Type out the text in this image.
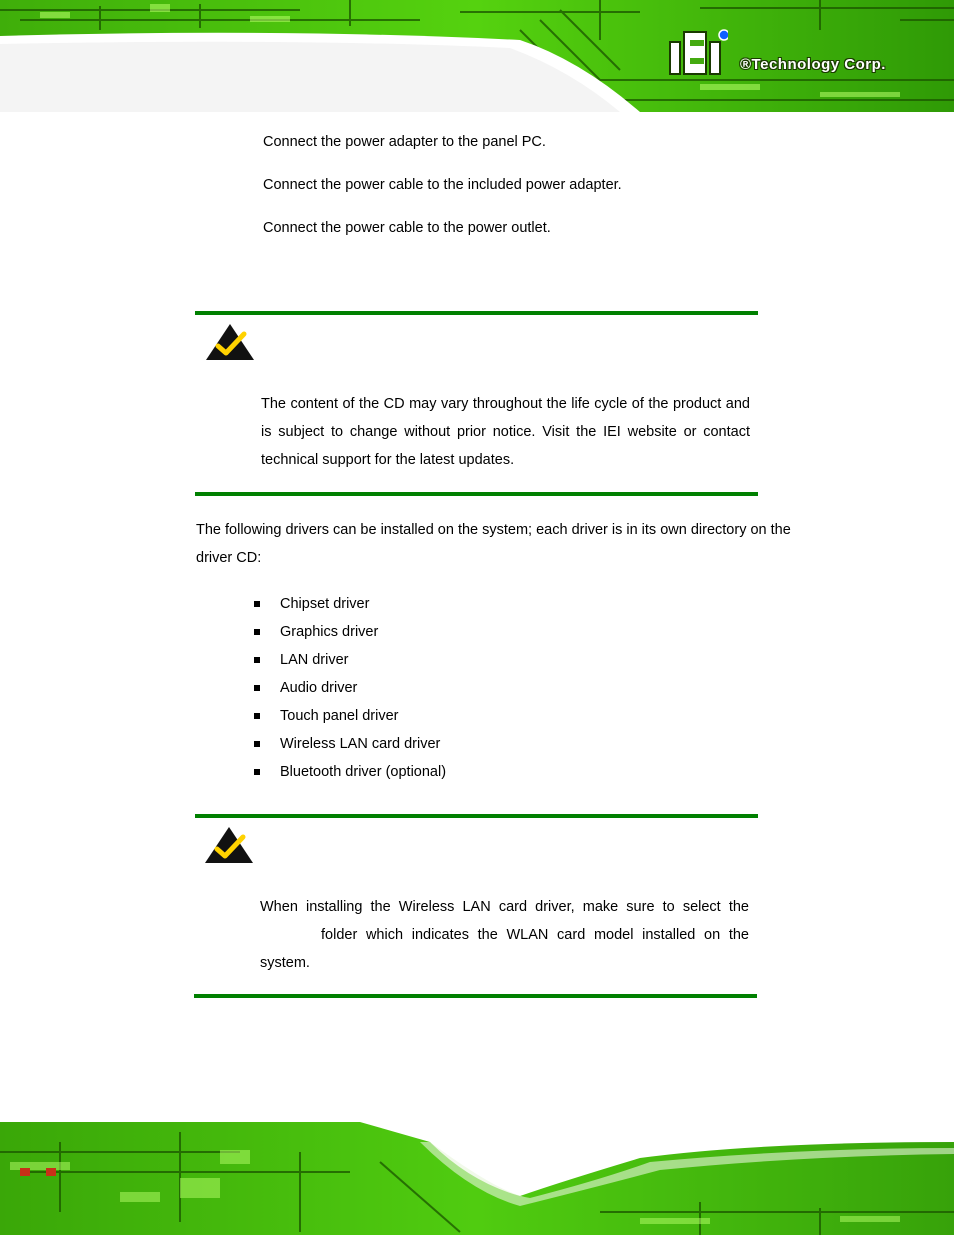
®Technology Corp.
Connect the power adapter to the panel PC.
Connect the power cable to the included power adapter.
Connect the power cable to the power outlet.
The content of the CD may vary throughout the life cycle of the product and is subject to change without prior notice. Visit the IEI website or contact technical support for the latest updates.
The following drivers can be installed on the system; each driver is in its own directory on the driver CD:
Chipset driver
Graphics driver
LAN driver
Audio driver
Touch panel driver
Wireless LAN card driver
Bluetooth driver (optional)
When installing the Wireless LAN card driver, make sure to select the
folder which indicates the WLAN card model installed on the
system.
